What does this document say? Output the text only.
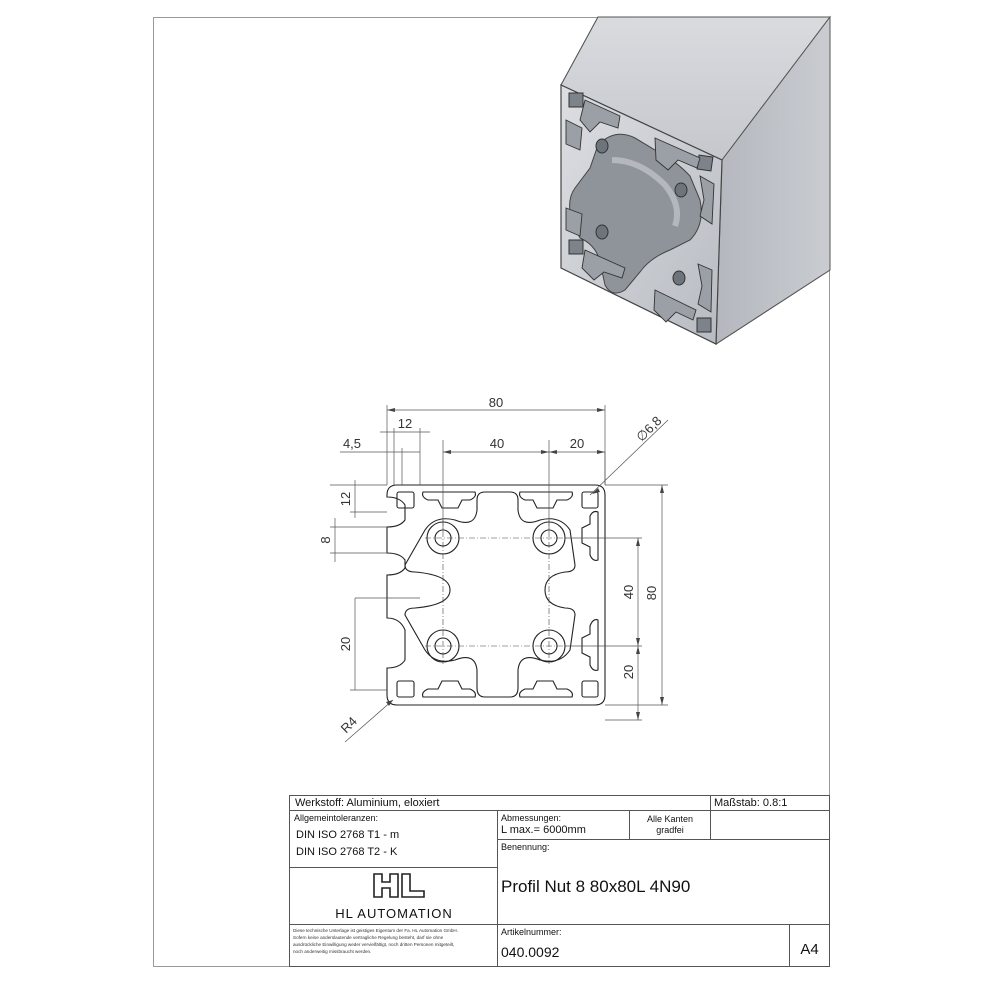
80
12
4,5	40	20	∅6,8
12
8
40 80
20
20
R4
Werkstoff: Aluminium, eloxiert	Maßstab: 0.8:1
Allgemeintoleranzen:
DIN ISO 2768 T1 - m
DIN ISO 2768 T2 - K
Abmessungen:
L max.= 6000mm
Alle Kanten
gradfei
Benennung:
Profil Nut 8 80x80L 4N90
HL AUTOMATION
Diese technische Unterlage ist geistiges Eigentum der Fa. HL Automation GmbH.
Sofern keine anderslautende vertragliche Regelung besteht, darf sie ohne
ausdrückliche Einwilligung weder vervielfältigt, noch dritten Personen mitgeteilt,
noch anderweitig missbraucht werden.
Artikelnummer:
040.0092	A4
